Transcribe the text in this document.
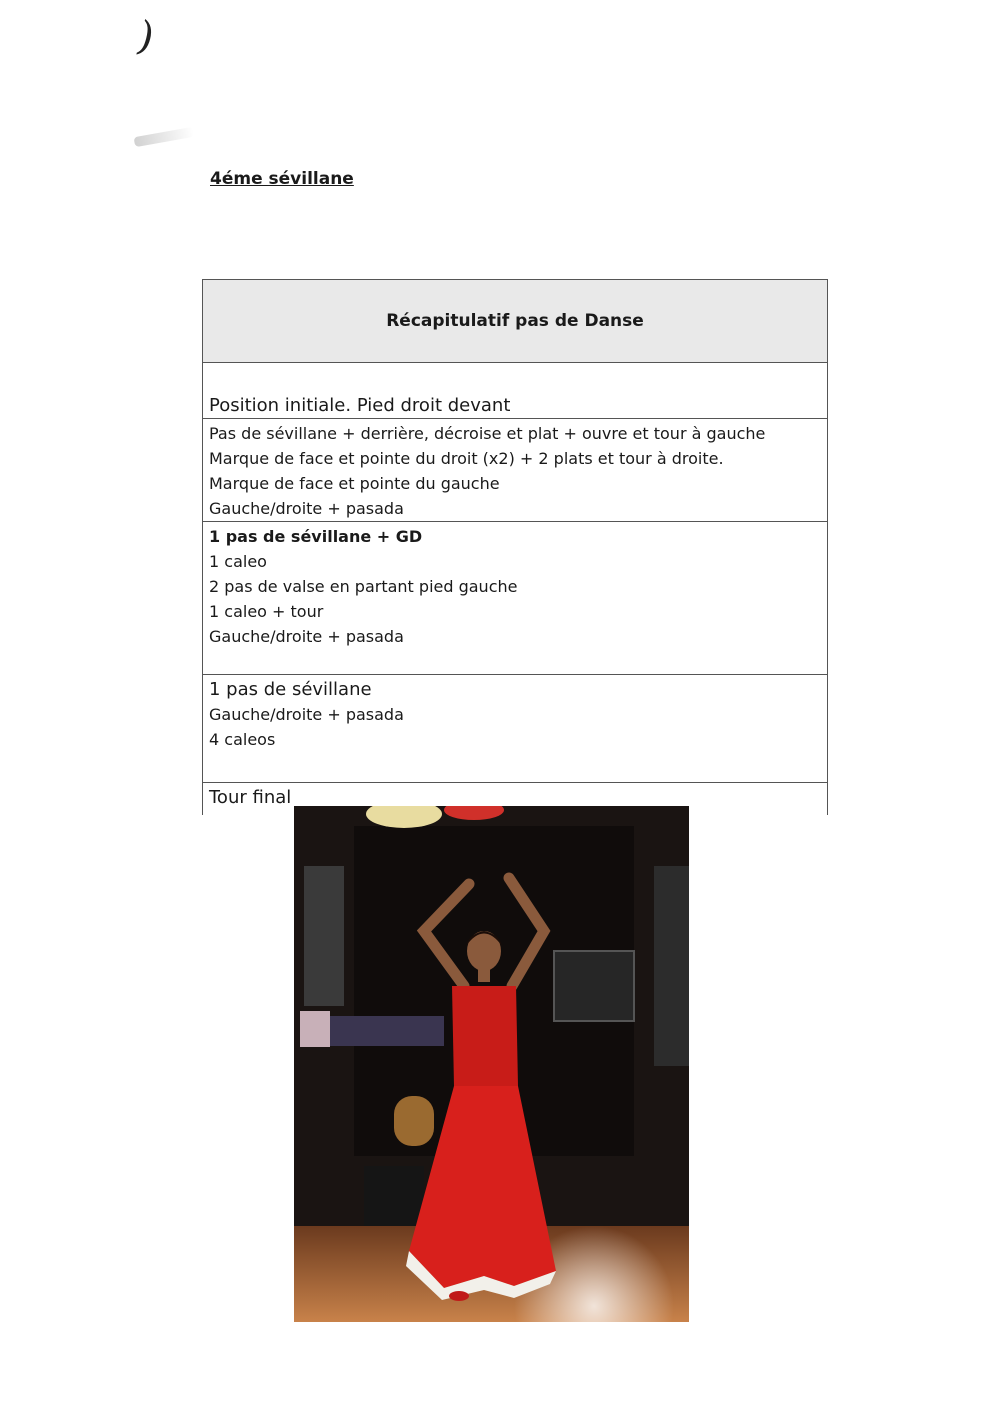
)
4éme sévillane
Récapitulatif pas de Danse

Position initiale. Pied droit devant

Pas de sévillane + derrière, décroise et plat + ouvre et tour à gauche
Marque de face et pointe du droit (x2) + 2 plats et tour à droite.
Marque de face et pointe du gauche
Gauche/droite + pasada

1 pas de sévillane + GD
1 caleo
2 pas de valse en partant pied gauche
1 caleo + tour
Gauche/droite + pasada

1 pas de sévillane
Gauche/droite + pasada
4 caleos

Tour final
